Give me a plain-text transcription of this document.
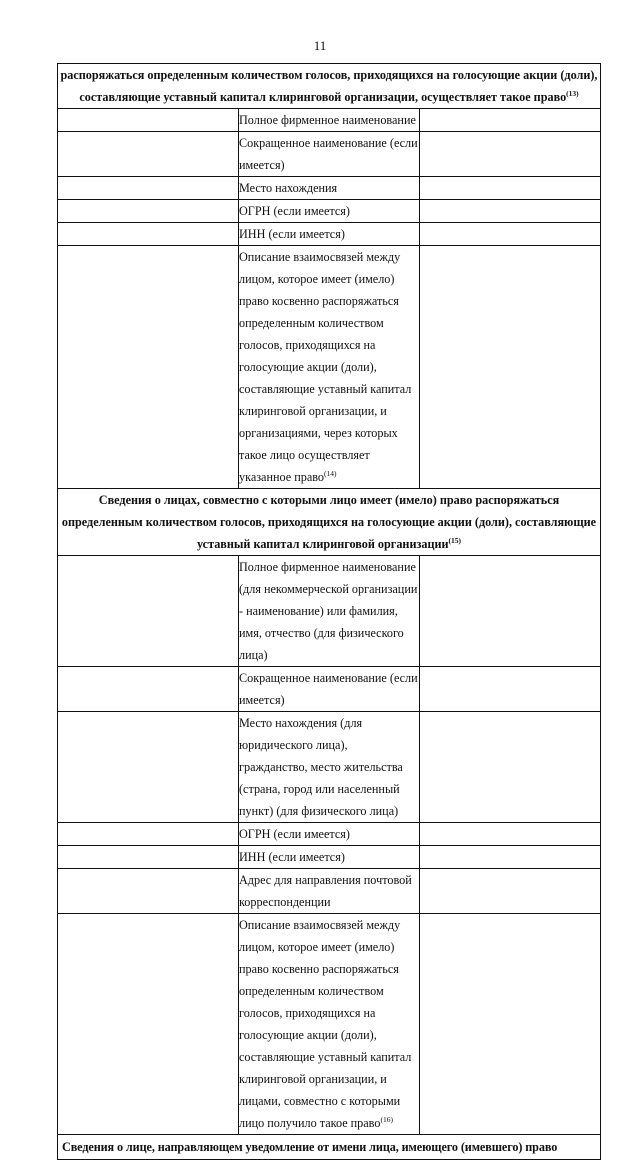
11
распоряжаться определенным количеством голосов, приходящихся на голосующие акции (доли), составляющие уставный капитал клиринговой организации, осуществляет такое право$^{(13)}$
	Полное фирменное наименование	
	Сокращенное наименование (если имеется)	
	Место нахождения	
	ОГРН (если имеется)	
	ИНН (если имеется)	
	Описание взаимосвязей между лицом, которое имеет (имело) право косвенно распоряжаться определенным количеством голосов, приходящихся на голосующие акции (доли), составляющие уставный капитал клиринговой организации, и организациями, через которых такое лицо осуществляет указанное право$^{(14)}$	
Сведения о лицах, совместно с которыми лицо имеет (имело) право распоряжаться определенным количеством голосов, приходящихся на голосующие акции (доли), составляющие уставный капитал клиринговой организации$^{(15)}$
	Полное фирменное наименование (для некоммерческой организации - наименование) или фамилия, имя, отчество (для физического лица)	
	Сокращенное наименование (если имеется)	
	Место нахождения (для юридического лица), гражданство, место жительства (страна, город или населенный пункт) (для физического лица)	
	ОГРН (если имеется)	
	ИНН (если имеется)	
	Адрес для направления почтовой корреспонденции	
	Описание взаимосвязей между лицом, которое имеет (имело) право косвенно распоряжаться определенным количеством голосов, приходящихся на голосующие акции (доли), составляющие уставный капитал клиринговой организации, и лицами, совместно с которыми лицо получило такое право$^{(16)}$	
Сведения о лице, направляющем уведомление от имени лица, имеющего (имевшего) право		
